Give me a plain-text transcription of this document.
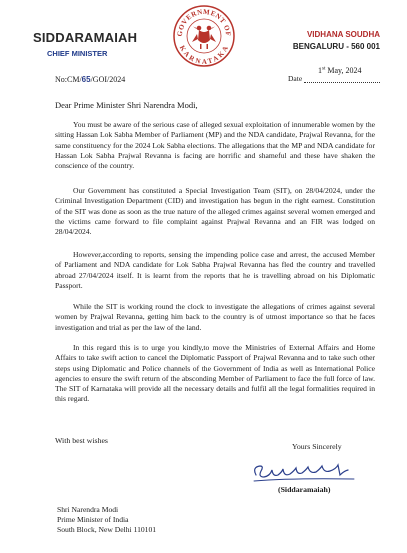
SIDDARAMAIAH
CHIEF MINISTER
GOVERNMENT OF
KARNATAKA
VIDHANA SOUDHA
BENGALURU - 560 001
No:CM/65/GOI/2024
1st May, 2024
Date
Dear Prime Minister Shri Narendra Modi,

You must be aware of the serious case of alleged sexual exploitation of innumerable women by the sitting Hassan Lok Sabha Member of Parliament (MP) and the NDA candidate, Prajwal Revanna, for the same constituency for the 2024 Lok Sabha elections. The allegations that the MP and NDA candidate for Hassan Lok Sabha Prajwal Revanna is facing are horrific and shameful and these have shaken the conscience of the country.

Our Government has constituted a Special Investigation Team (SIT), on 28/04/2024, under the Criminal Investigation Department (CID) and investigation has begun in the right earnest. Constitution of the SIT was done as soon as the true nature of the alleged crimes against several women emerged and the victims came forward to file complaint against Prajwal Revanna and an FIR was lodged on 28/04/2024.

However,according to reports, sensing the impending police case and arrest, the accused Member of Parliament and NDA candidate for Lok Sabha Prajwal Revanna has fled the country and travelled abroad 27/04/2024 itself. It is learnt from the reports that he is travelling abroad on his Diplomatic Passport.

While the SIT is working round the clock to investigate the allegations of crimes against several women by Prajwal Revanna, getting him back to the country is of utmost importance so that he faces investigation and trial as per the law of the land.

In this regard this is to urge you kindly,to move the Ministries of External Affairs and Home Affairs to take swift action to cancel the Diplomatic Passport of Prajwal Revanna and to take such other steps using Diplomatic and Police channels of the Government of India as well as International Police agencies to ensure the swift return of the absconding Member of Parliament to face the full force of law. The SIT of Karnataka will provide all the necessary details and fulfil all the legal formalities required in this regard.

With best wishes
Yours Sincerely
(Siddaramaiah)
Shri Narendra Modi
Prime Minister of India
South Block, New Delhi 110101
